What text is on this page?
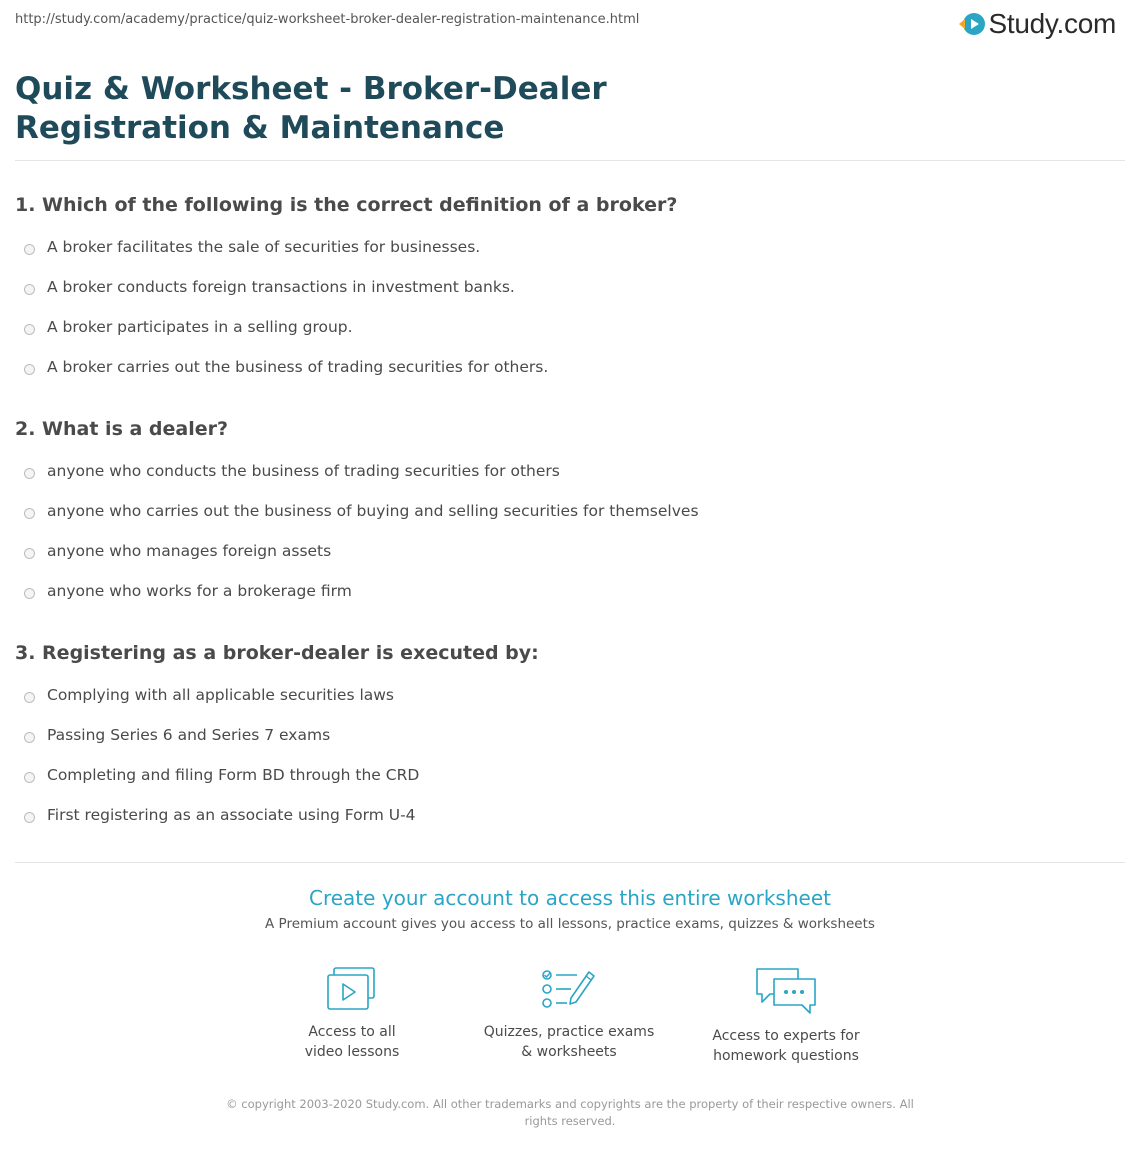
http://study.com/academy/practice/quiz-worksheet-broker-dealer-registration-maintenance.html	Study.com
Quiz & Worksheet - Broker-Dealer Registration & Maintenance
1. Which of the following is the correct definition of a broker?
A broker facilitates the sale of securities for businesses.
A broker conducts foreign transactions in investment banks.
A broker participates in a selling group.
A broker carries out the business of trading securities for others.
2. What is a dealer?
anyone who conducts the business of trading securities for others
anyone who carries out the business of buying and selling securities for themselves
anyone who manages foreign assets
anyone who works for a brokerage firm
3. Registering as a broker-dealer is executed by:
Complying with all applicable securities laws
Passing Series 6 and Series 7 exams
Completing and filing Form BD through the CRD
First registering as an associate using Form U-4
Create your account to access this entire worksheet
A Premium account gives you access to all lessons, practice exams, quizzes & worksheets
Access to all
video lessons
Quizzes, practice exams
& worksheets
Access to experts for
homework questions
© copyright 2003-2020 Study.com. All other trademarks and copyrights are the property of their respective owners. All rights reserved.
